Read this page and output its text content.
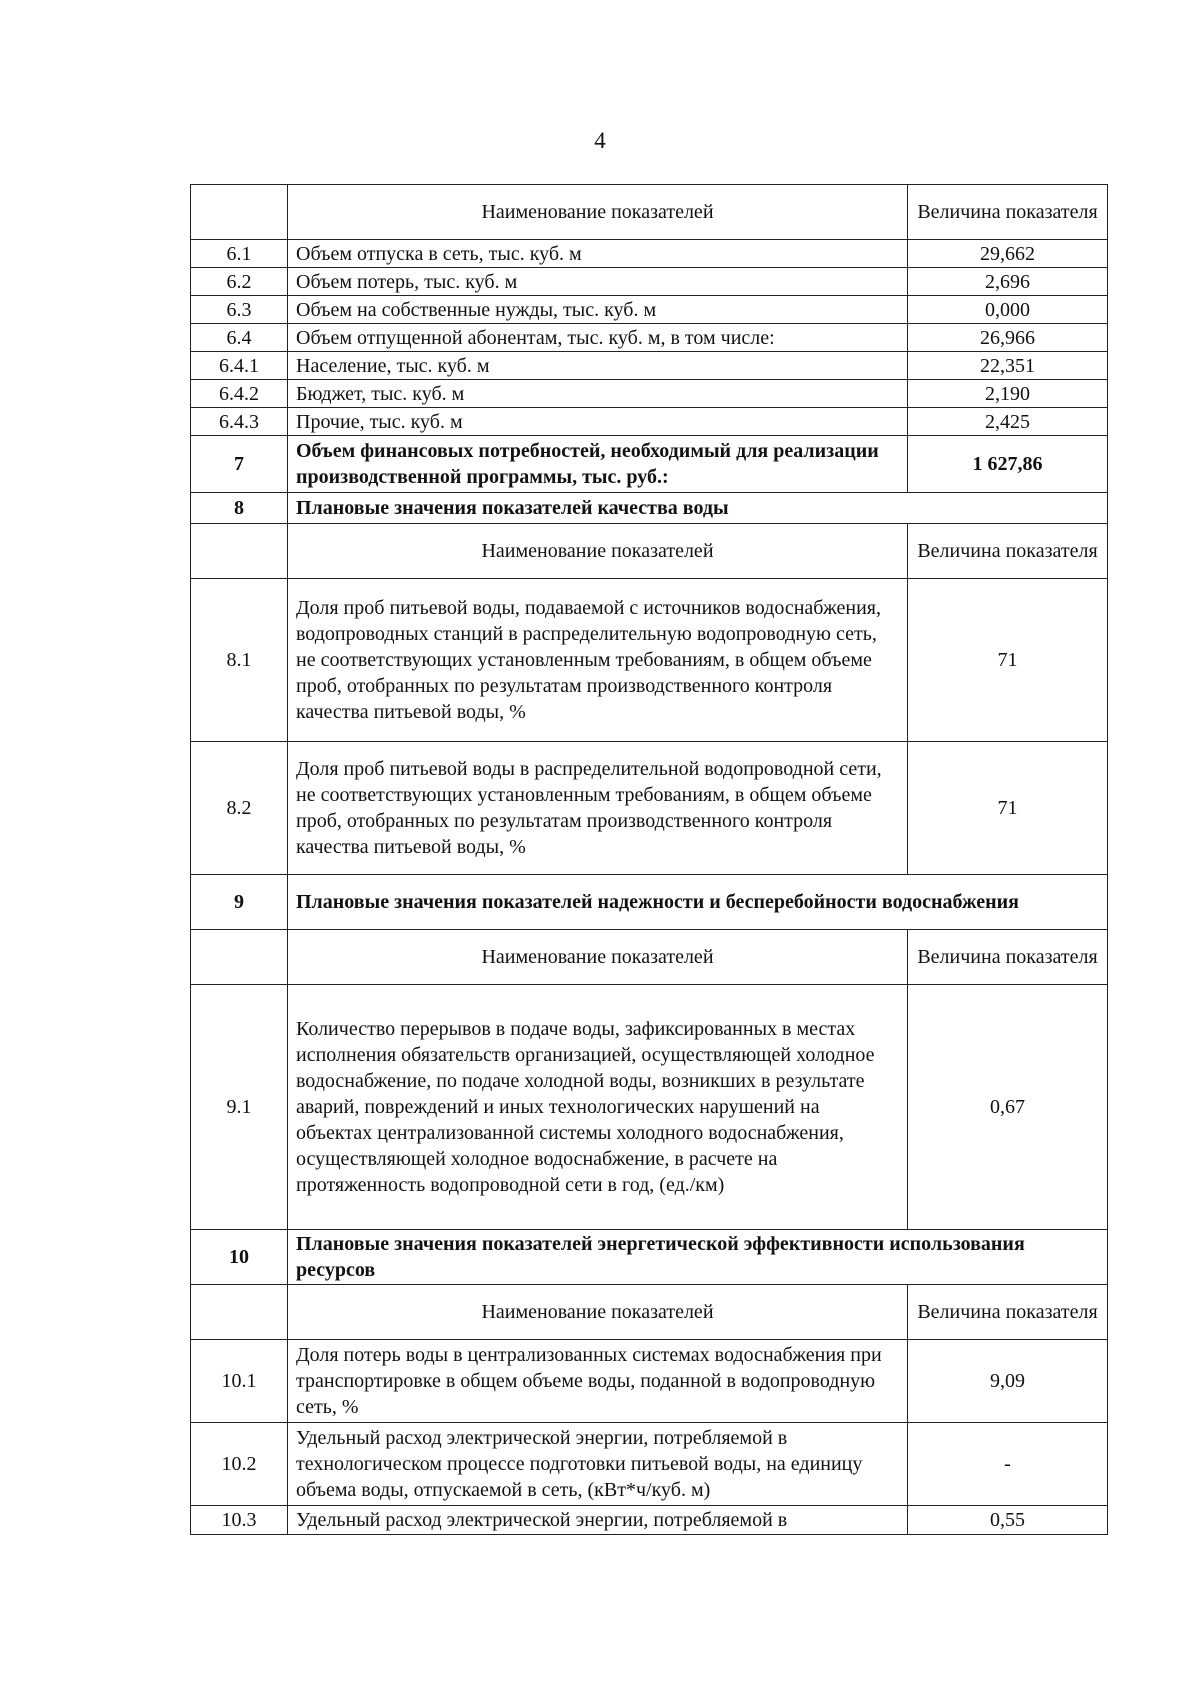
4
	Наименование показателей	Величина показателя
6.1	Объем отпуска в сеть, тыс. куб. м	29,662
6.2	Объем потерь, тыс. куб. м	2,696
6.3	Объем на собственные нужды, тыс. куб. м	0,000
6.4	Объем отпущенной абонентам, тыс. куб. м, в том числе:	26,966
6.4.1	Население, тыс. куб. м	22,351
6.4.2	Бюджет, тыс. куб. м	2,190
6.4.3	Прочие, тыс. куб. м	2,425
7	Объем финансовых потребностей, необходимый для реализации производственной программы, тыс. руб.:	1 627,86
8	Плановые значения показателей качества воды	
	Наименование показателей	Величина показателя
8.1	Доля проб питьевой воды, подаваемой с источников водоснабжения, водопроводных станций в распределительную водопроводную сеть, не соответствующих установленным требованиям, в общем объеме проб, отобранных по результатам производственного контроля качества питьевой воды, %	71
8.2	Доля проб питьевой воды в распределительной водопроводной сети, не соответствующих установленным требованиям, в общем объеме проб, отобранных по результатам производственного контроля качества питьевой воды, %	71
9	Плановые значения показателей надежности и бесперебойности водоснабжения	
	Наименование показателей	Величина показателя
9.1	Количество перерывов в подаче воды, зафиксированных в местах исполнения обязательств организацией, осуществляющей холодное водоснабжение, по подаче холодной воды, возникших в результате аварий, повреждений и иных технологических нарушений на объектах централизованной системы холодного водоснабжения, осуществляющей холодное водоснабжение, в расчете на протяженность водопроводной сети в год, (ед./км)	0,67
10	Плановые значения показателей энергетической эффективности использования ресурсов	
	Наименование показателей	Величина показателя
10.1	Доля потерь воды в централизованных системах водоснабжения при транспортировке в общем объеме воды, поданной в водопроводную сеть, %	9,09
10.2	Удельный расход электрической энергии, потребляемой в технологическом процессе подготовки питьевой воды, на единицу объема воды, отпускаемой в сеть, (кВт*ч/куб. м)	-
10.3	Удельный расход электрической энергии, потребляемой в	0,55
